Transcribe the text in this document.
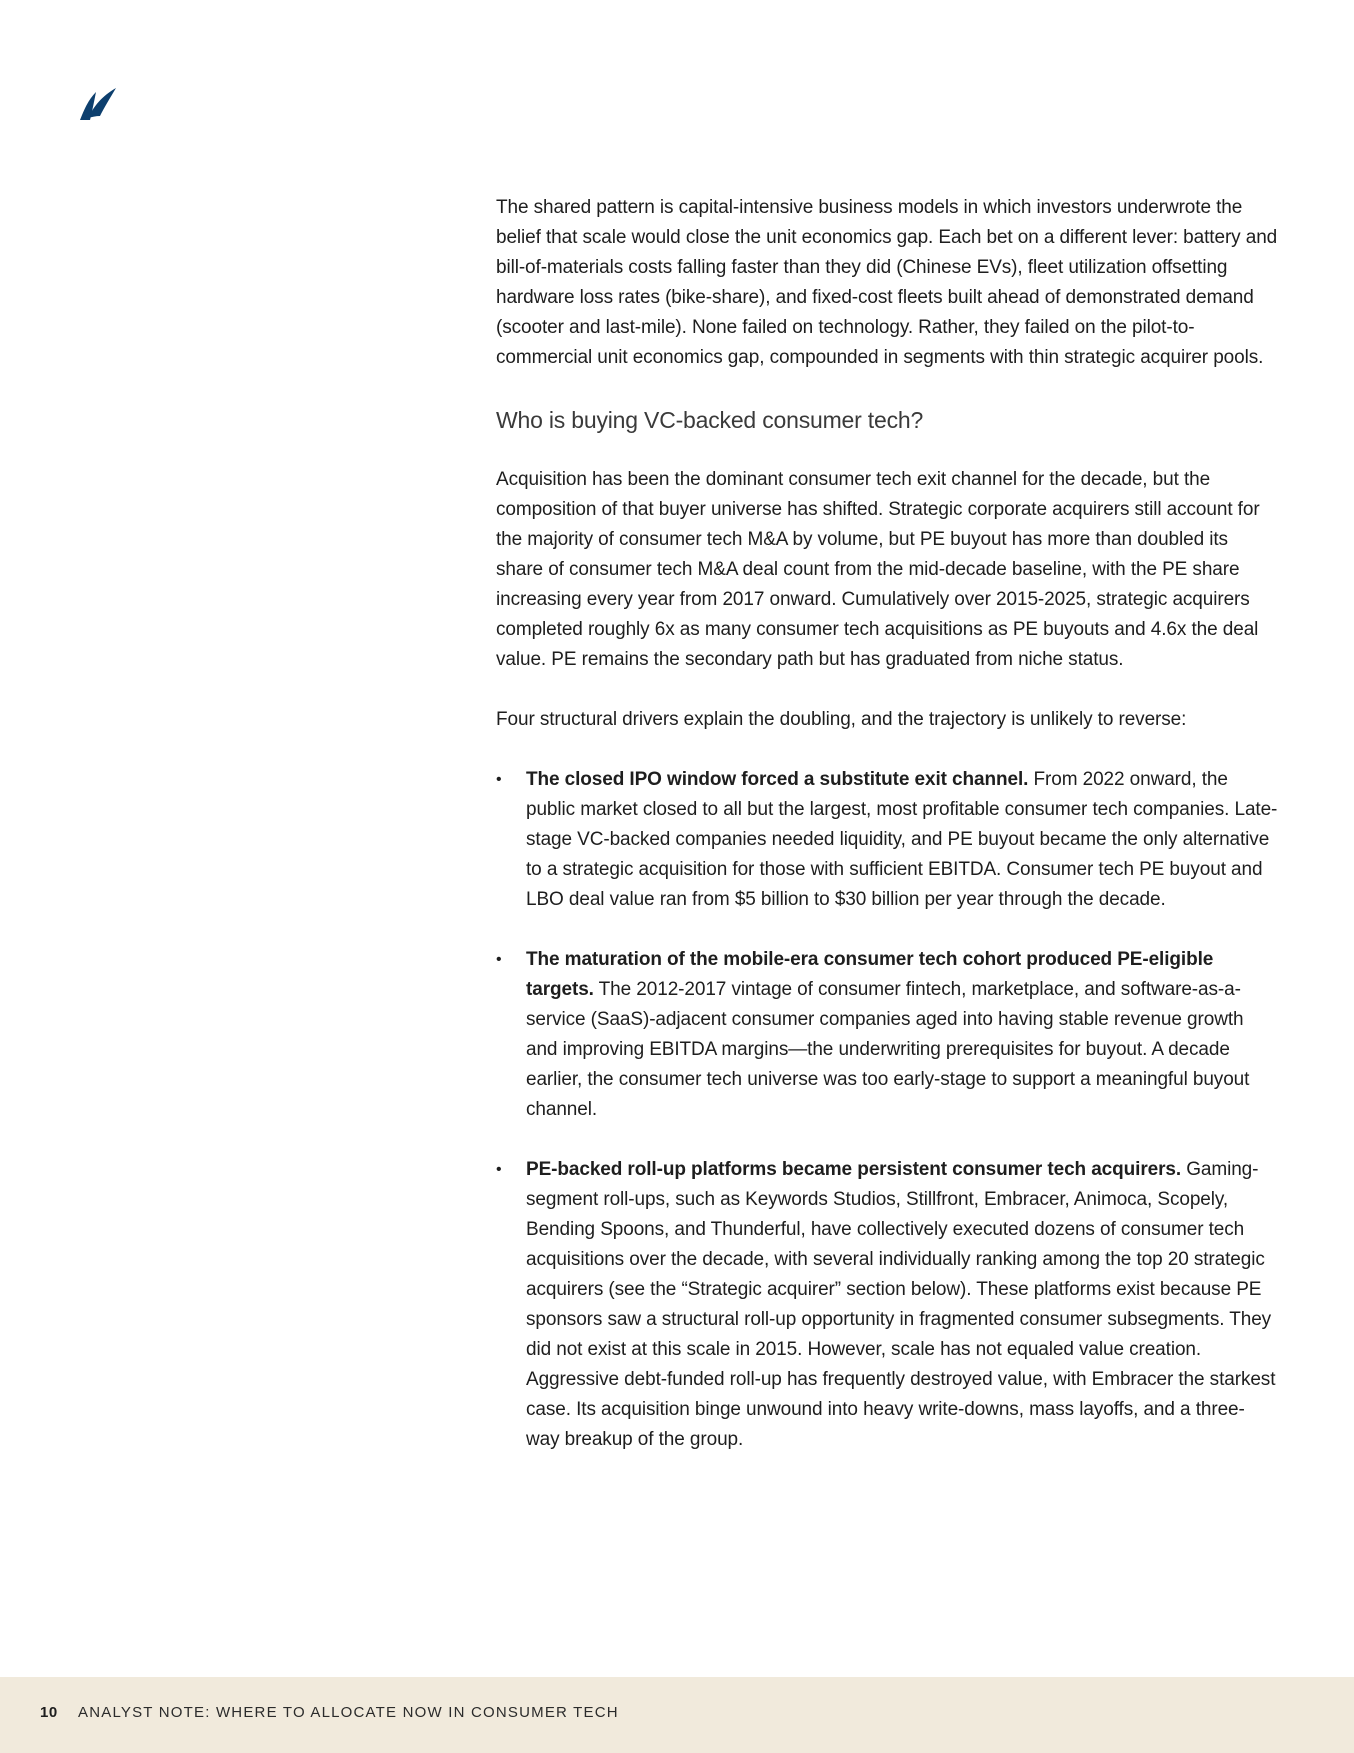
The shared pattern is capital-intensive business models in which investors underwrote the belief that scale would close the unit economics gap. Each bet on a different lever: battery and bill-of-materials costs falling faster than they did (Chinese EVs), fleet utilization offsetting hardware loss rates (bike-share), and fixed-cost fleets built ahead of demonstrated demand (scooter and last-mile). None failed on technology. Rather, they failed on the pilot-to-commercial unit economics gap, compounded in segments with thin strategic acquirer pools.

Who is buying VC-backed consumer tech?

Acquisition has been the dominant consumer tech exit channel for the decade, but the composition of that buyer universe has shifted. Strategic corporate acquirers still account for the majority of consumer tech M&A by volume, but PE buyout has more than doubled its share of consumer tech M&A deal count from the mid-decade baseline, with the PE share increasing every year from 2017 onward. Cumulatively over 2015-2025, strategic acquirers completed roughly 6x as many consumer tech acquisitions as PE buyouts and 4.6x the deal value. PE remains the secondary path but has graduated from niche status.

Four structural drivers explain the doubling, and the trajectory is unlikely to reverse:

• The closed IPO window forced a substitute exit channel. From 2022 onward, the public market closed to all but the largest, most profitable consumer tech companies. Late-stage VC-backed companies needed liquidity, and PE buyout became the only alternative to a strategic acquisition for those with sufficient EBITDA. Consumer tech PE buyout and LBO deal value ran from $5 billion to $30 billion per year through the decade.
• The maturation of the mobile-era consumer tech cohort produced PE-eligible targets. The 2012-2017 vintage of consumer fintech, marketplace, and software-as-a-service (SaaS)-adjacent consumer companies aged into having stable revenue growth and improving EBITDA margins—the underwriting prerequisites for buyout. A decade earlier, the consumer tech universe was too early-stage to support a meaningful buyout channel.
• PE-backed roll-up platforms became persistent consumer tech acquirers. Gaming-segment roll-ups, such as Keywords Studios, Stillfront, Embracer, Animoca, Scopely, Bending Spoons, and Thunderful, have collectively executed dozens of consumer tech acquisitions over the decade, with several individually ranking among the top 20 strategic acquirers (see the “Strategic acquirer” section below). These platforms exist because PE sponsors saw a structural roll-up opportunity in fragmented consumer subsegments. They did not exist at this scale in 2015. However, scale has not equaled value creation. Aggressive debt-funded roll-up has frequently destroyed value, with Embracer the starkest case. Its acquisition binge unwound into heavy write-downs, mass layoffs, and a three-way breakup of the group.
10 ANALYST NOTE: WHERE TO ALLOCATE NOW IN CONSUMER TECH
